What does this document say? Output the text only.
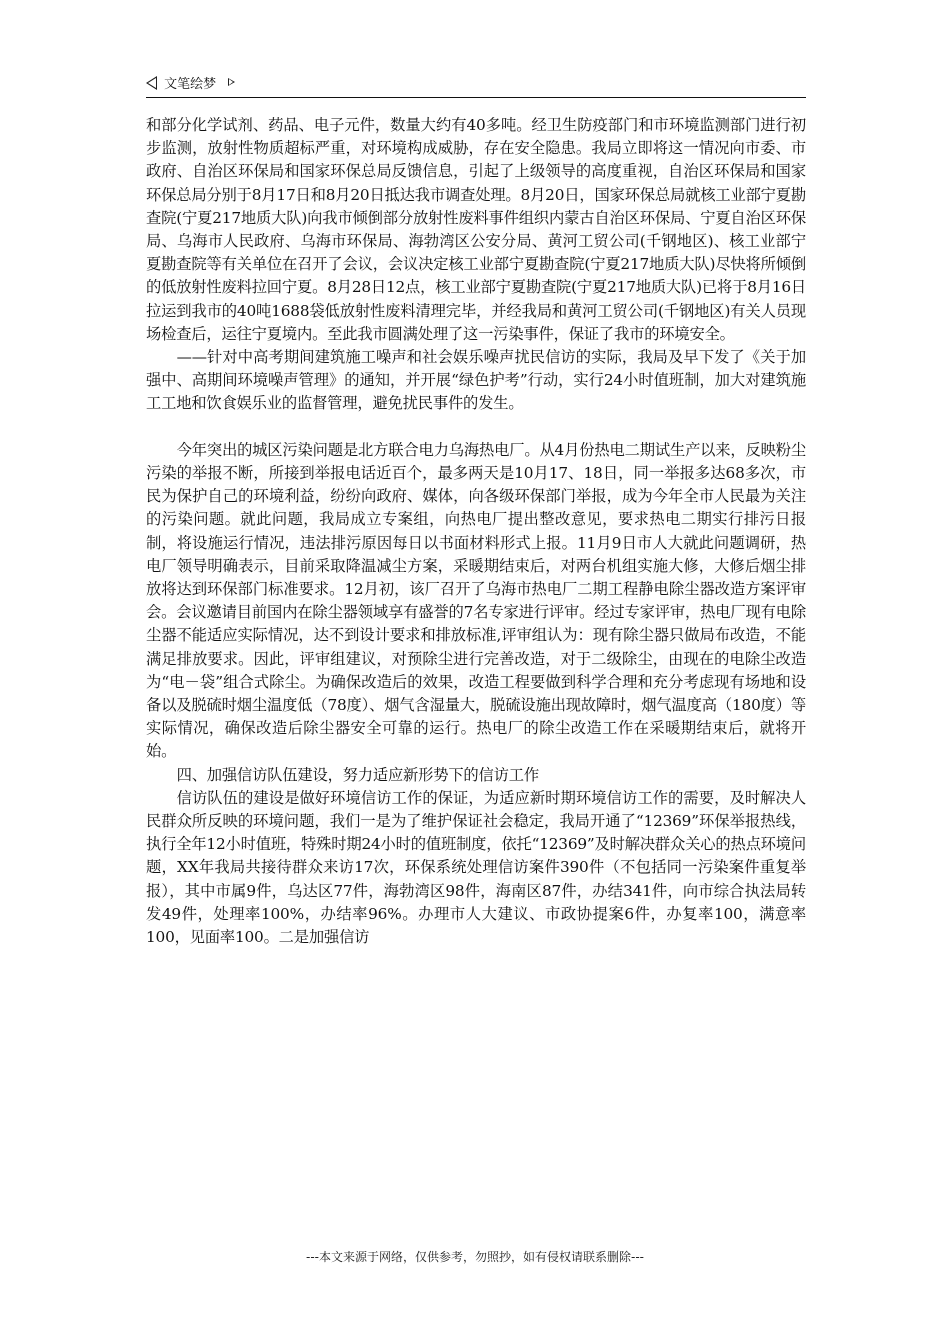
文笔绘梦

和部分化学试剂、药品、电子元件，数量大约有40多吨。经卫生防疫部门和市环境监测部门进行初步监测，放射性物质超标严重，对环境构成威胁，存在安全隐患。我局立即将这一情况向市委、市政府、自治区环保局和国家环保总局反馈信息，引起了上级领导的高度重视，自治区环保局和国家环保总局分别于8月17日和8月20日抵达我市调查处理。8月20日，国家环保总局就核工业部宁夏勘查院(宁夏217地质大队)向我市倾倒部分放射性废料事件组织内蒙古自治区环保局、宁夏自治区环保局、乌海市人民政府、乌海市环保局、海勃湾区公安分局、黄河工贸公司(千钢地区)、核工业部宁夏勘查院等有关单位在召开了会议，会议决定核工业部宁夏勘查院(宁夏217地质大队)尽快将所倾倒的低放射性废料拉回宁夏。8月28日12点，核工业部宁夏勘查院(宁夏217地质大队)已将于8月16日拉运到我市的40吨1688袋低放射性废料清理完毕，并经我局和黄河工贸公司(千钢地区)有关人员现场检查后，运往宁夏境内。至此我市圆满处理了这一污染事件，保证了我市的环境安全。

——针对中高考期间建筑施工噪声和社会娱乐噪声扰民信访的实际，我局及早下发了《关于加强中、高期间环境噪声管理》的通知，并开展“绿色护考”行动，实行24小时值班制，加大对建筑施工工地和饮食娱乐业的监督管理，避免扰民事件的发生。

今年突出的城区污染问题是北方联合电力乌海热电厂。从4月份热电二期试生产以来，反映粉尘污染的举报不断，所接到举报电话近百个，最多两天是10月17、18日，同一举报多达68多次，市民为保护自己的环境利益，纷纷向政府、媒体，向各级环保部门举报，成为今年全市人民最为关注的污染问题。就此问题，我局成立专案组，向热电厂提出整改意见，要求热电二期实行排污日报制，将设施运行情况，违法排污原因每日以书面材料形式上报。11月9日市人大就此问题调研，热电厂领导明确表示，目前采取降温减尘方案，采暖期结束后，对两台机组实施大修，大修后烟尘排放将达到环保部门标准要求。12月初，该厂召开了乌海市热电厂二期工程静电除尘器改造方案评审会。会议邀请目前国内在除尘器领域享有盛誉的7名专家进行评审。经过专家评审，热电厂现有电除尘器不能适应实际情况，达不到设计要求和排放标准,评审组认为：现有除尘器只做局布改造，不能满足排放要求。因此，评审组建议，对预除尘进行完善改造，对于二级除尘，由现在的电除尘改造为“电－袋”组合式除尘。为确保改造后的效果，改造工程要做到科学合理和充分考虑现有场地和设备以及脱硫时烟尘温度低（78度）、烟气含湿量大，脱硫设施出现故障时，烟气温度高（180度）等实际情况，确保改造后除尘器安全可靠的运行。热电厂的除尘改造工作在采暖期结束后，就将开始。

四、加强信访队伍建设，努力适应新形势下的信访工作

信访队伍的建设是做好环境信访工作的保证，为适应新时期环境信访工作的需要，及时解决人民群众所反映的环境问题，我们一是为了维护保证社会稳定，我局开通了“12369”环保举报热线，执行全年12小时值班，特殊时期24小时的值班制度，依托“12369”及时解决群众关心的热点环境问题，XX年我局共接待群众来访17次，环保系统处理信访案件390件（不包括同一污染案件重复举报），其中市属9件，乌达区77件，海勃湾区98件，海南区87件，办结341件，向市综合执法局转发49件，处理率100%，办结率96%。办理市人大建议、市政协提案6件，办复率100，满意率100，见面率100。二是加强信访

---本文来源于网络，仅供参考，勿照抄，如有侵权请联系删除---
